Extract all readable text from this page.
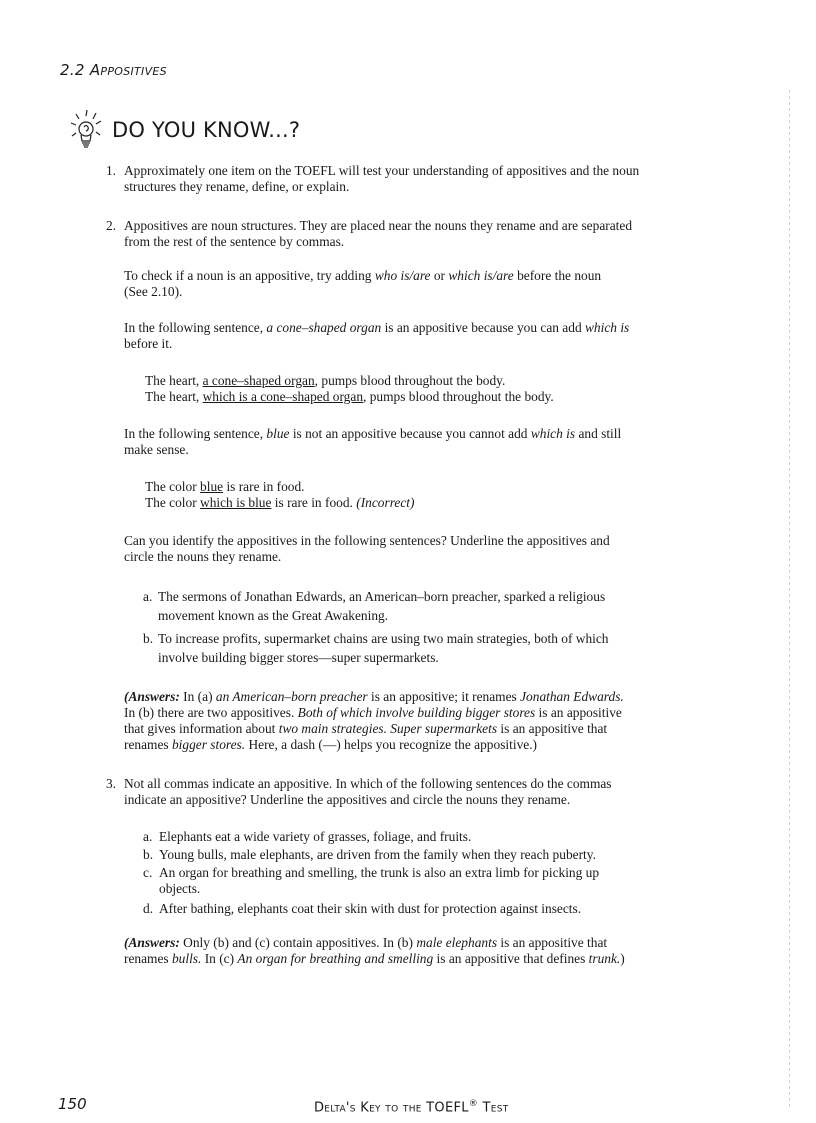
2.2 Appositives
DO YOU KNOW...?
1. Approximately one item on the TOEFL will test your understanding of appositives and the noun
structures they rename, define, or explain.
2. Appositives are noun structures. They are placed near the nouns they rename and are separated
from the rest of the sentence by commas.
To check if a noun is an appositive, try adding who is/are or which is/are before the noun
(See 2.10).
In the following sentence, a cone–shaped organ is an appositive because you can add which is
before it.
The heart, a cone–shaped organ, pumps blood throughout the body.
The heart, which is a cone–shaped organ, pumps blood throughout the body.
In the following sentence, blue is not an appositive because you cannot add which is and still
make sense.
The color blue is rare in food.
The color which is blue is rare in food. (Incorrect)
Can you identify the appositives in the following sentences? Underline the appositives and
circle the nouns they rename.
a. The sermons of Jonathan Edwards, an American–born preacher, sparked a religious
movement known as the Great Awakening.
b. To increase profits, supermarket chains are using two main strategies, both of which
involve building bigger stores—super supermarkets.
(Answers: In (a) an American–born preacher is an appositive; it renames Jonathan Edwards.
In (b) there are two appositives. Both of which involve building bigger stores is an appositive
that gives information about two main strategies. Super supermarkets is an appositive that
renames bigger stores. Here, a dash (—) helps you recognize the appositive.)
3. Not all commas indicate an appositive. In which of the following sentences do the commas
indicate an appositive? Underline the appositives and circle the nouns they rename.
a. Elephants eat a wide variety of grasses, foliage, and fruits.
b. Young bulls, male elephants, are driven from the family when they reach puberty.
c. An organ for breathing and smelling, the trunk is also an extra limb for picking up
objects.
d. After bathing, elephants coat their skin with dust for protection against insects.
(Answers: Only (b) and (c) contain appositives. In (b) male elephants is an appositive that
renames bulls. In (c) An organ for breathing and smelling is an appositive that defines trunk.)
150	Delta's Key to the TOEFL® Test
